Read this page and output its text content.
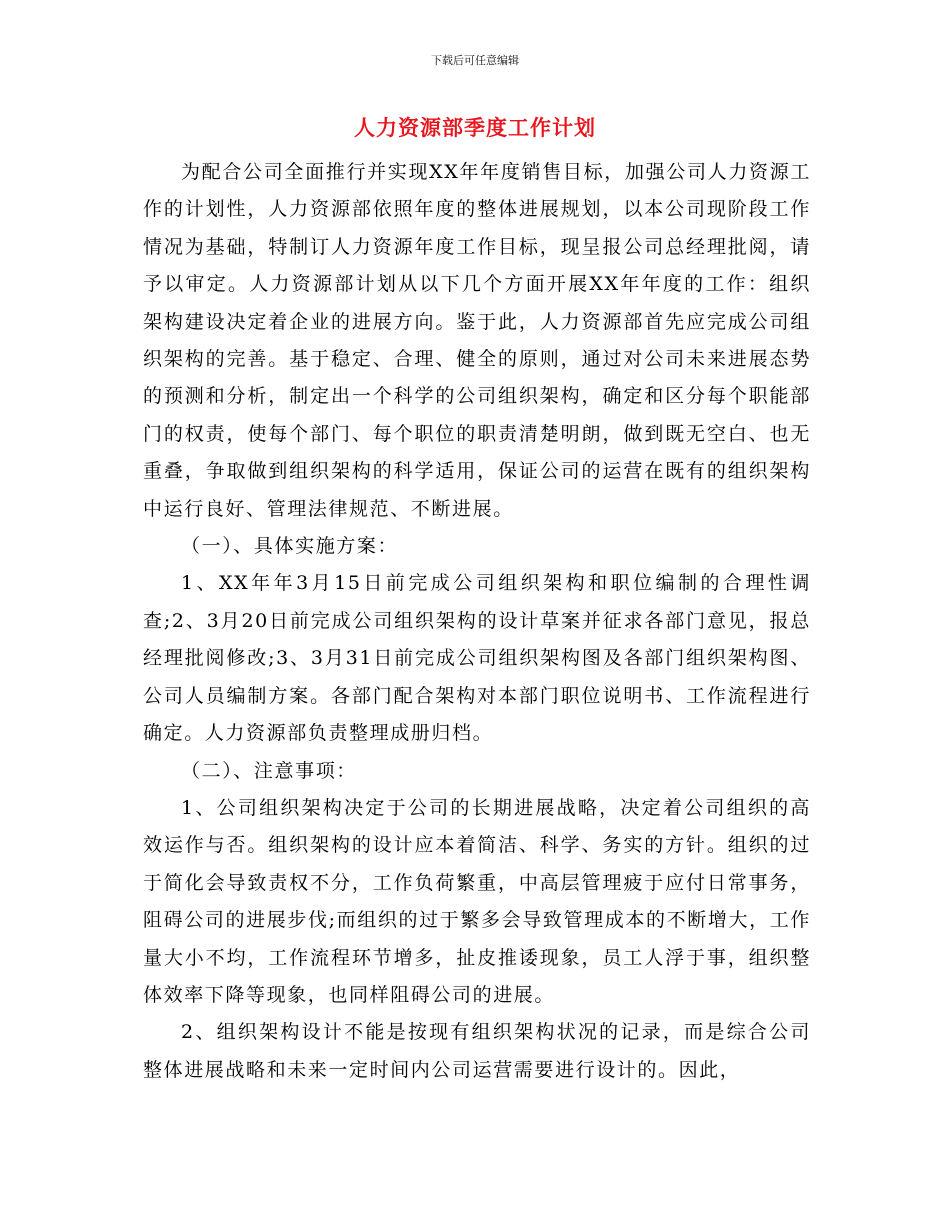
下载后可任意编辑
人力资源部季度工作计划

为配合公司全面推行并实现XX年年度销售目标，加强公司人力资源工作的计划性，人力资源部依照年度的整体进展规划，以本公司现阶段工作情况为基础，特制订人力资源年度工作目标，现呈报公司总经理批阅，请予以审定。人力资源部计划从以下几个方面开展XX年年度的工作：组织架构建设决定着企业的进展方向。鉴于此，人力资源部首先应完成公司组织架构的完善。基于稳定、合理、健全的原则，通过对公司未来进展态势的预测和分析，制定出一个科学的公司组织架构，确定和区分每个职能部门的权责，使每个部门、每个职位的职责清楚明朗，做到既无空白、也无重叠，争取做到组织架构的科学适用，保证公司的运营在既有的组织架构中运行良好、管理法律规范、不断进展。

（一）、具体实施方案：

1、XX年年3月15日前完成公司组织架构和职位编制的合理性调查;2、3月20日前完成公司组织架构的设计草案并征求各部门意见，报总经理批阅修改;3、3月31日前完成公司组织架构图及各部门组织架构图、公司人员编制方案。各部门配合架构对本部门职位说明书、工作流程进行确定。人力资源部负责整理成册归档。

（二）、注意事项：

1、公司组织架构决定于公司的长期进展战略，决定着公司组织的高效运作与否。组织架构的设计应本着简洁、科学、务实的方针。组织的过于简化会导致责权不分，工作负荷繁重，中高层管理疲于应付日常事务，阻碍公司的进展步伐;而组织的过于繁多会导致管理成本的不断增大，工作量大小不均，工作流程环节增多，扯皮推诿现象，员工人浮于事，组织整体效率下降等现象，也同样阻碍公司的进展。

2、组织架构设计不能是按现有组织架构状况的记录，而是综合公司整体进展战略和未来一定时间内公司运营需要进行设计的。因此，
